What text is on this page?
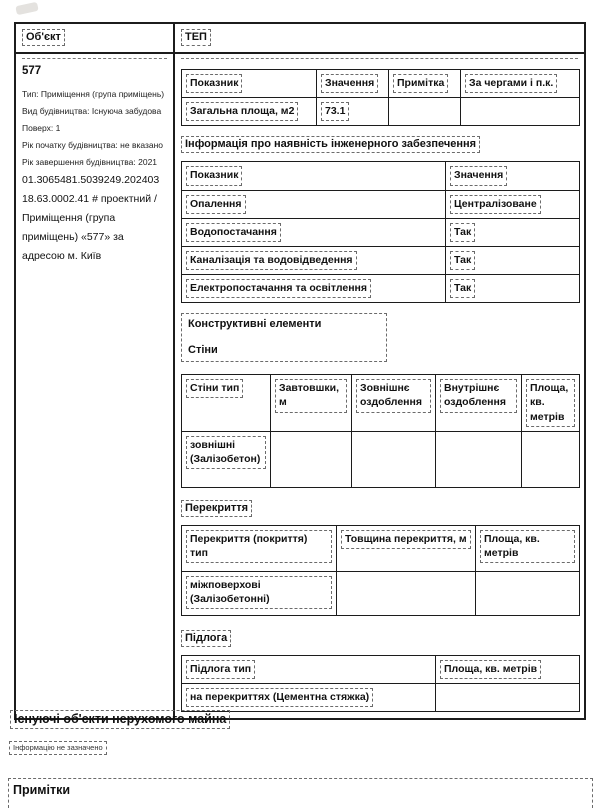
Об'єкт	ТЕП

577
Тип: Приміщення (група приміщень)
Вид будівництва: Існуюча забудова
Поверх: 1
Рік початку будівництва: не вказано
Рік завершення будівництва: 2021
01.3065481.5039249.202403 18.63.0002.41 # проектний / Приміщення (група приміщень) «577» за адресою м. Київ

Показник	Значення	Примітка	За чергами і п.к.
Загальна площа, м2	73.1		
Інформація про наявність інженерного забезпечення
Показник	Значення
Опалення	Централізоване
Водопостачання	Так
Каналізація та водовідведення	Так
Електропостачання та освітлення	Так
Конструктивні елементи
Стіни
Стіни тип	Завтовшки, м	Зовнішнє оздоблення	Внутрішнє оздоблення	Площа, кв. метрів
зовнішні (Залізобетон)				
Перекриття
Перекриття (покриття) тип	Товщина перекриття, м	Площа, кв. метрів
міжповерхові (Залізобетонні)		
Підлога
Підлога тип	Площа, кв. метрів
на перекриттях (Цементна стяжка)	
Існуючі об'єкти нерухомого майна
Інформацію не зазначено
Примітки
